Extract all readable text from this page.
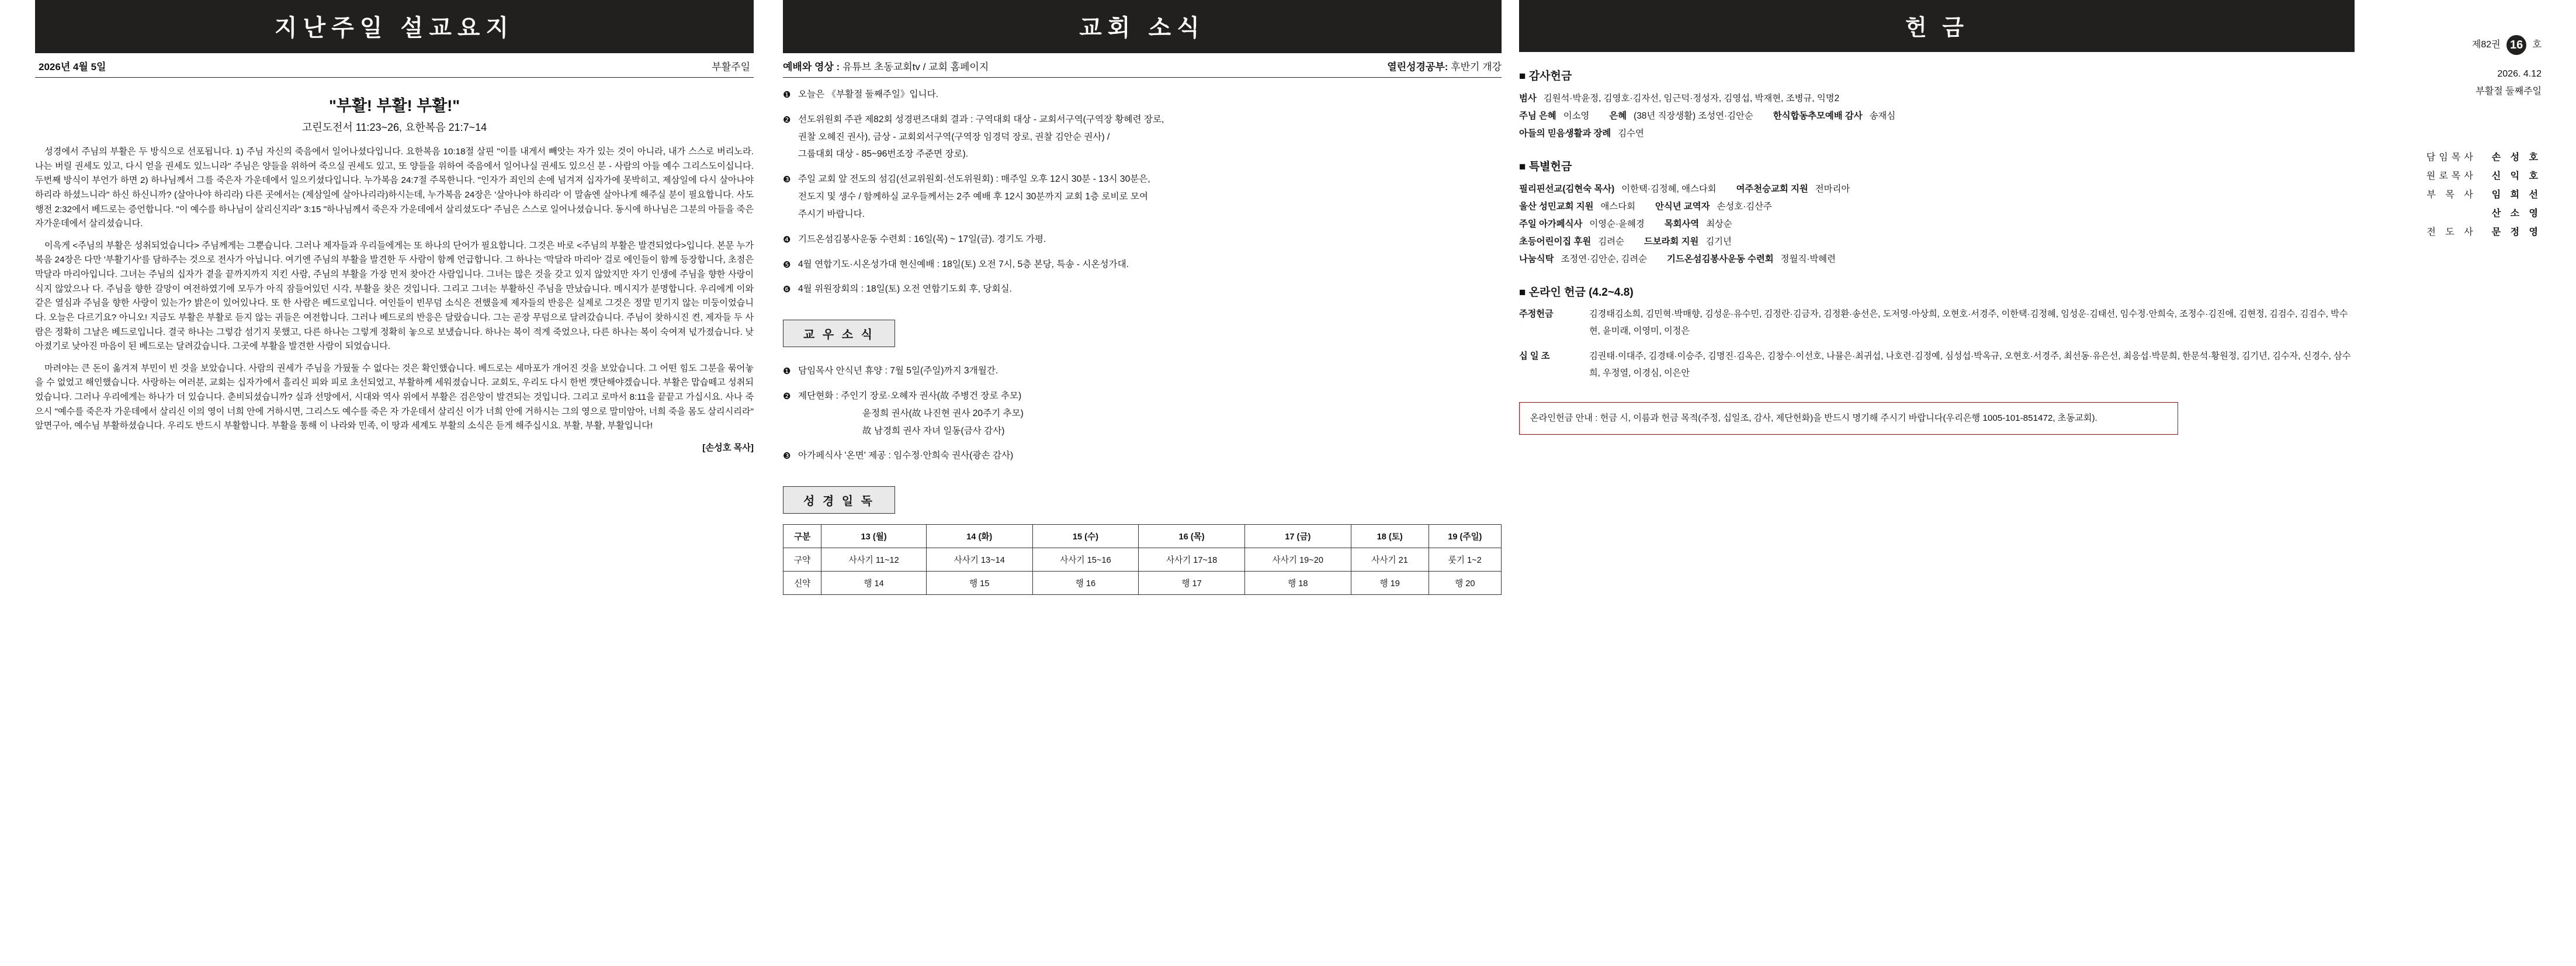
지난주일 설교요지
2026년 4월 5일	부활주일
"부활! 부활! 부활!"
고린도전서 11:23~26, 요한복음 21:7~14

성경에서 주님의 부활은 두 방식으로 선포됩니다. 1) 주님 자신의 죽음에서 일어나셨다입니다. 요한복음 10:18절 살핀 "이를 내게서 빼앗는 자가 있는 것이 아니라, 내가 스스로 버리노라. 나는 버릴 권세도 있고, 다시 얻을 권세도 있느니라" 주님은 양들을 위하여 죽으실 권세도 있고, 또 양들을 위하여 죽음에서 일어나실 권세도 있으신 분 - 사람의 아들 예수 그리스도이십니다. 두번째 방식이 부언가 하면 2) 하나님께서 그를 죽은자 가운데에서 일으키셨다입니다. 누가복음 24:7절 주목한니다. "인자가 죄인의 손에 넘겨져 십자가에 못박히고, 제삼일에 다시 살아나야 하리라 하셨느니라" 하신 하신니까? (살아나야 하리라) 다른 곳에서는 (제삼일에 살아나리라)하시는데, 누가복음 24장은 '살아나야 하리라' 이 말솜엔 살아나게 해주실 분이 필요합니다. 사도행전 2:32에서 베드로는 증언합니다. "이 예수를 하나님이 살리신지라" 3:15 "하나님께서 죽은자 가운데에서 살리셨도다" 주님은 스스로 일어나셨습니다. 동시에 하나님은 그분의 아들을 죽은자가운데에서 살리셨습니다.

이윽게 <주님의 부활은 성취되었습니다> 주님께게는 그뿐습니다. 그러나 제자들과 우리들에게는 또 하나의 단어가 필요합니다. 그것은 바로 <주님의 부활은 발견되었다>입니다. 본문 누가복음 24장은 다만 '부활기사'를 담하주는 것으로 전사가 아닙니다. 여기엔 주님의 부활을 발견한 두 사람이 함께 언급합니다. 그 하나는 '막달라 마리아' 걸로 에인들이 함께 등장합니다, 초점은 막달라 마리아입니다. 그녀는 주님의 십자가 곁을 끝까지까지 지킨 사람, 주님의 부활을 가장 먼저 찾아간 사람입니다. 그녀는 많은 것을 갖고 있지 않았지만 자기 인생에 주님을 향한 사랑이 식지 않았으나 다. 주님을 향한 갈망이 여전하였기에 모두가 아직 잠들어있던 시각, 부활을 찾은 것입니다. 그리고 그녀는 부활하신 주님을 만났습니다. 메시지가 분명합니다. 우리에게 이와 같은 열심과 주님을 향한 사랑이 있는가? 밝은이 있어있나다. 또 한 사람은 베드로입니다. 여인들이 빈무덤 소식은 전했을제 제자들의 반응은 실제로 그것은 정말 믿기지 않는 미둥이었습니다. 오늘은 다르기요? 아니오! 지금도 부활은 부활로 듣지 않는 귀들은 여전합니다. 그러나 베드로의 반응은 달랐습니다. 그는 곧장 무덤으로 달려갔습니다. 주님이 찾하시진 켠, 제자들 두 사람은 정확히 그날은 베드로입니다. 결국 하나는 그렇감 섬기지 못했고, 다른 하나는 그렇게 정확히 놓으로 보냈습니다. 하나는 복이 적게 죽었으나, 다른 하나는 복이 숙여져 넋가졌습니다. 낮아졌기로 낮아진 마음이 된 베드로는 달려갔습니다. 그곳에 부활을 발견한 사람이 되었습니다.

마려야는 큰 돈이 옮겨져 부민이 빈 것을 보았습니다. 사람의 권세가 주님을 가뒀둘 수 없다는 것은 확인했습니다. 베드로는 세마포가 개어진 것을 보았습니다. 그 어떤 힘도 그분을 묶어놓을 수 없었고 해인했습니다. 사랑하는 여러분, 교회는 십자가에서 흘리신 피와 피로 초선되었고, 부활하께 세워졌습니다. 교회도, 우리도 다시 한번 깻단해야겠습니다. 부활은 맙습떼고 성취되었습니다. 그러나 우리에게는 하나가 더 있습니다. 춘비되셨습니까? 실과 선망에서, 시대와 역사 위에서 부활은 검은앙이 발견되는 것입니다. 그리고 로마서 8:11을 끝끝고 가십시요. 사나 죽으시 "예수를 죽은자 가운데에서 살리신 이의 영이 너희 안에 거하시면, 그리스도 예수를 죽은 자 가운데서 살리신 이가 너희 안에 거하시는 그의 영으로 말미암아, 너희 죽을 몸도 살리시리라" 앞면구아, 예수님 부활하셨습니다. 우리도 반드시 부활합니다. 부활을 통해 이 나라와 민족, 이 땅과 세계도 부활의 소식은 듣게 해주십시요. 부활, 부활, 부활입니다!

[손성호 목사]

교회 소식
예배와 영상 : 유튜브 초동교회tv / 교회 홈페이지	열린성경공부: 후반기 개강
❶ 오늘은 《부활절 둘째주일》입니다.
❷ 선도위원회 주관 제82회 성경편즈대회 결과 : 구역대회 대상 - 교회서구역(구역장 황혜련 장로,
권찰 오혜진 권사), 금상 - 교회외서구역(구역장 임경덕 장로, 권찰 김안순 권사) /
그룹대회 대상 - 85~96번조장 주준면 장로).
❸ 주일 교회 앞 전도의 섬김(선교위원회·선도위원회) : 매주일 오후 12시 30분 - 13시 30분은,
전도지 및 생수 / 함께하실 교우들께서는 2주 예배 후 12시 30분까지 교회 1층 로비로 모여
주시기 바랍니다.
❹ 기드온섬김봉사운동 수련회 : 16일(목) ~ 17일(금). 경기도 가평.
❺ 4월 연합기도·시온성가대 현신예배 : 18일(토) 오전 7시, 5층 본당, 특송 - 시온성가대.
❻ 4월 위원장회의 : 18일(토) 오전 연합기도회 후, 당회실.
교 우 소 식
❶ 담임목사 안식년 휴양 : 7월 5일(주일)까지 3개월간.
❷ 제단현화 : 주인기 장로·오혜자 권사(故 주병건 장로 추모)
윤정희 권사(故 나진현 권사 20주기 추모)
故 남경희 권사 자녀 일동(금사 감사)
❸ 아가페식사 '온면' 제공 : 임수정·안희숙 권사(광손 감사)
성 경 일 독
구분	13 (월)	14 (화)	15 (수)	16 (목)	17 (금)	18 (토)	19 (주일)
구약	사사기 11~12	사사기 13~14	사사기 15~16	사사기 17~18	사사기 19~20	사사기 21	룻기 1~2
신약	행 14	행 15	행 16	행 17	행 18	행 19	행 20
헌 금
제82권 16 호
2026. 4.12
부활절 둘째주일
■ 감사헌금
범사 김원석·박윤정, 김영호·김자선, 임근덕·정성자, 김영섭, 박재현, 조병규, 익명2
주님 은혜 이소영 은혜 (38년 직장생활) 조성연·김안순 한식합동추모예배 감사 송재심
아들의 믿음생활과 장례 김수연
■ 특별헌금
필리핀선교(김현숙 목사) 이한택·김정혜, 애스다회 여주천승교회 지원 전마리아
울산 성민교회 지원 애스다회 안식년 교역자 손성호·김산주
주일 아가페식사 이영순·윤혜경 목회사역 최상순
초등어린이집 후원 김려순 드보라회 지원 김기년
나눔식탁 조정연·김안순, 김려순 기드온섬김봉사운동 수련회 정월직·박혜련
■ 온라인 헌금 (4.2~4.8)
주정헌금	김경태김소희, 김민혁·박매향, 김성운·유수민, 김정란·김금자, 김정환·송선은, 도저영·아상희, 오현호·서경주, 이한택·김정혜, 임성운·김태선, 임수정·안희숙, 조정수·김진애, 김현정, 김검수, 김검수, 박수현, 윤미래, 이영미, 이정은
십 일 조	김권태·이대주, 김경태·이승주, 김명진·김옥은, 김창수·이선호, 나뮬은·최귀섭, 나호련·김정예, 심성섭·박옥규, 오현호·서경주, 최선동·유은선, 최응섭·박문희, 한문석·황원정, 김기년, 김수자, 신경수, 삼수희, 우정열, 이경심, 이은안
온라인헌금 안내 : 헌금 시, 이름과 헌금 목적(주정, 십일조, 감사, 제단헌화)을 반드시 명기해 주시기 바랍니다(우리은행 1005-101-851472, 초동교회).
담임목사 손 성 호
원로목사 신 익 호
부 목 사 임 희 선
산 소 영
전 도 사 문 정 영
